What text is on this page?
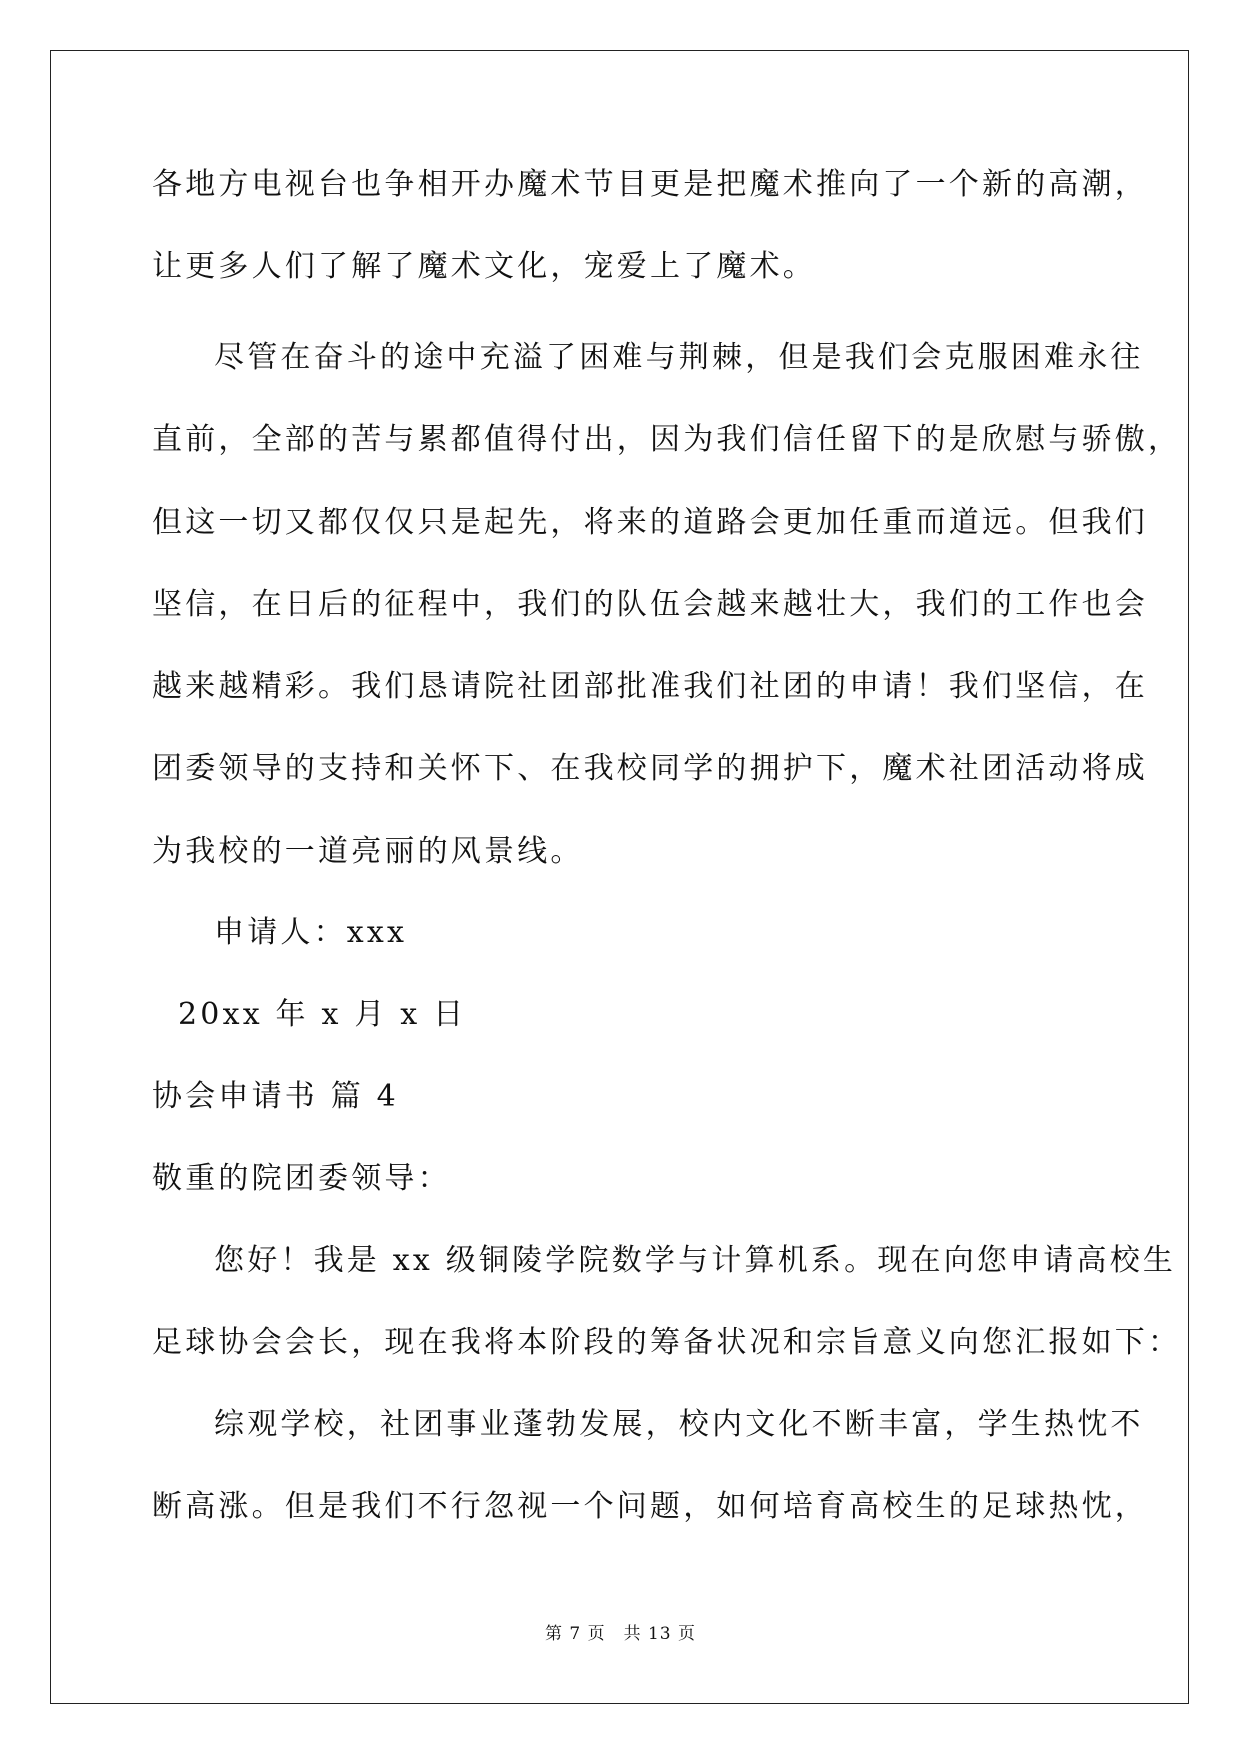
各地方电视台也争相开办魔术节目更是把魔术推向了一个新的高潮，
让更多人们了解了魔术文化，宠爱上了魔术。
尽管在奋斗的途中充溢了困难与荆棘，但是我们会克服困难永往
直前，全部的苦与累都值得付出，因为我们信任留下的是欣慰与骄傲，
但这一切又都仅仅只是起先，将来的道路会更加任重而道远。但我们
坚信，在日后的征程中，我们的队伍会越来越壮大，我们的工作也会
越来越精彩。我们恳请院社团部批准我们社团的申请！我们坚信，在
团委领导的支持和关怀下、在我校同学的拥护下，魔术社团活动将成
为我校的一道亮丽的风景线。
申请人：xxx
20xx 年 x 月 x 日
协会申请书 篇 4
敬重的院团委领导：
您好！我是 xx 级铜陵学院数学与计算机系。现在向您申请高校生
足球协会会长，现在我将本阶段的筹备状况和宗旨意义向您汇报如下：
综观学校，社团事业蓬勃发展，校内文化不断丰富，学生热忱不
断高涨。但是我们不行忽视一个问题，如何培育高校生的足球热忱，
第 7 页　共 13 页
